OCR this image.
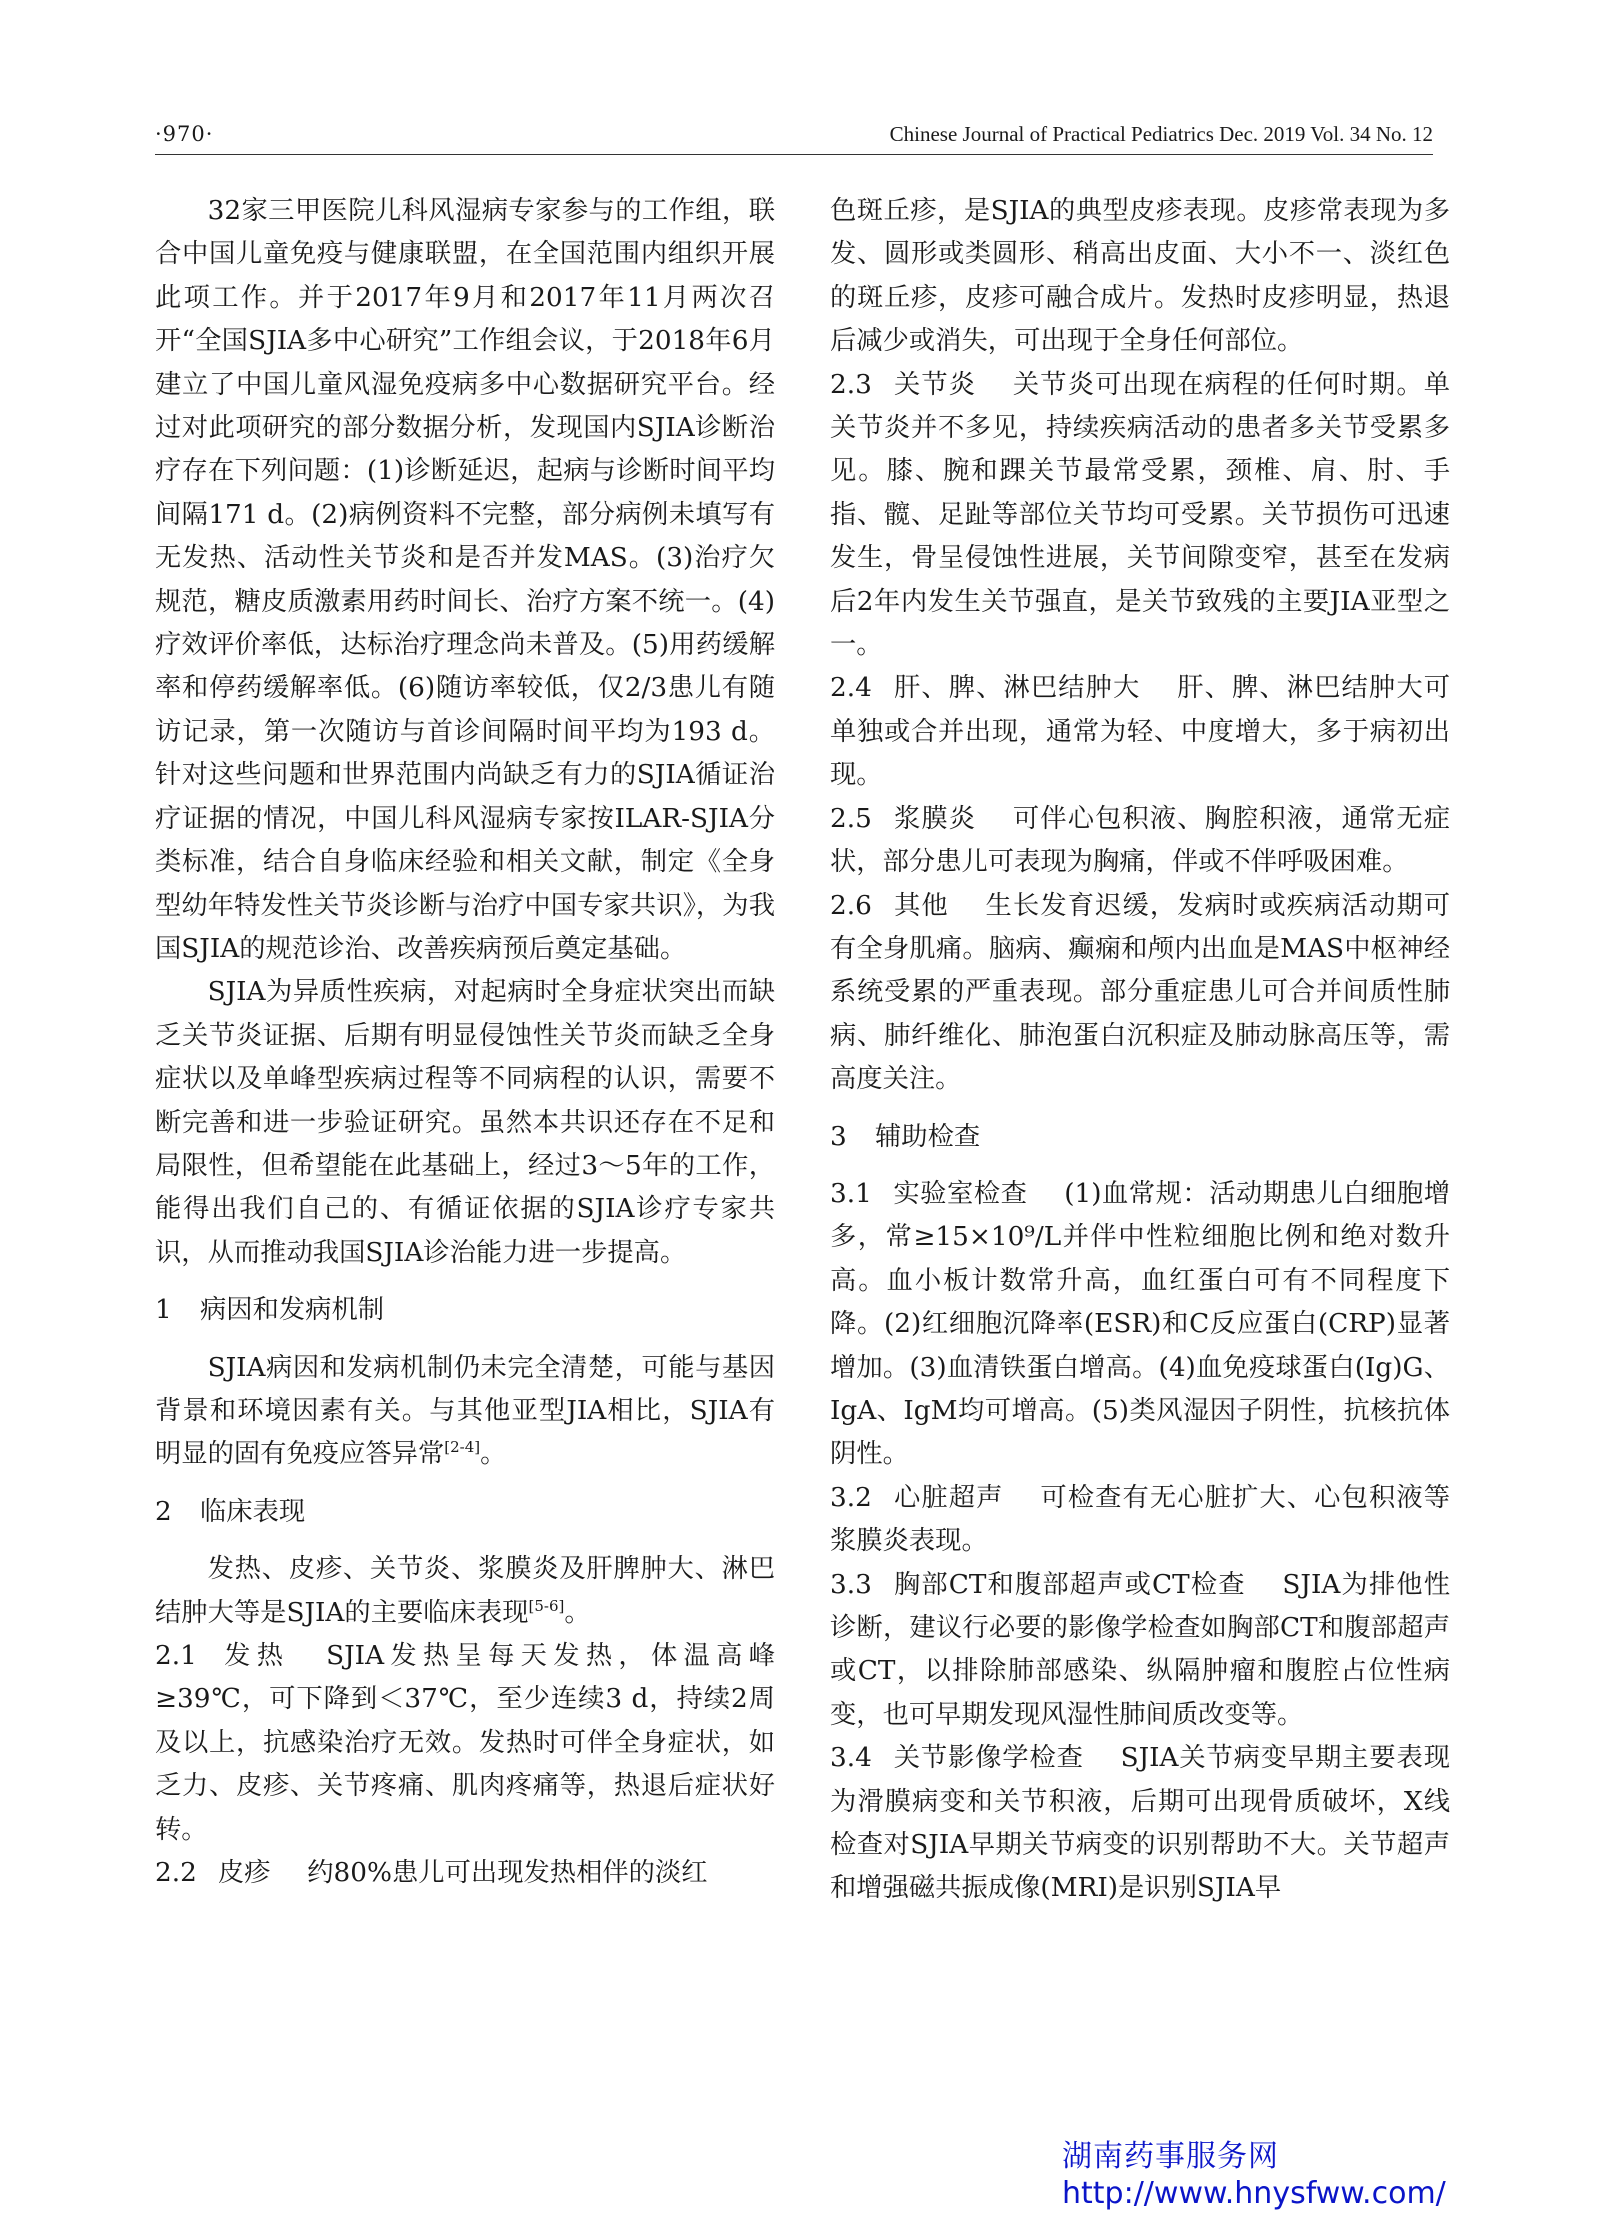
·970·	Chinese Journal of Practical Pediatrics Dec. 2019 Vol. 34 No. 12

32家三甲医院儿科风湿病专家参与的工作组，联合中国儿童免疫与健康联盟，在全国范围内组织开展此项工作。并于2017年9月和2017年11月两次召开“全国SJIA多中心研究”工作组会议，于2018年6月建立了中国儿童风湿免疫病多中心数据研究平台。经过对此项研究的部分数据分析，发现国内SJIA诊断治疗存在下列问题：(1)诊断延迟，起病与诊断时间平均间隔171 d。(2)病例资料不完整，部分病例未填写有无发热、活动性关节炎和是否并发MAS。(3)治疗欠规范，糖皮质激素用药时间长、治疗方案不统一。(4)疗效评价率低，达标治疗理念尚未普及。(5)用药缓解率和停药缓解率低。(6)随访率较低，仅2/3患儿有随访记录，第一次随访与首诊间隔时间平均为193 d。针对这些问题和世界范围内尚缺乏有力的SJIA循证治疗证据的情况，中国儿科风湿病专家按ILAR-SJIA分类标准，结合自身临床经验和相关文献，制定《全身型幼年特发性关节炎诊断与治疗中国专家共识》，为我国SJIA的规范诊治、改善疾病预后奠定基础。

SJIA为异质性疾病，对起病时全身症状突出而缺乏关节炎证据、后期有明显侵蚀性关节炎而缺乏全身症状以及单峰型疾病过程等不同病程的认识，需要不断完善和进一步验证研究。虽然本共识还存在不足和局限性，但希望能在此基础上，经过3～5年的工作，能得出我们自己的、有循证依据的SJIA诊疗专家共识，从而推动我国SJIA诊治能力进一步提高。

1 病因和发病机制

SJIA病因和发病机制仍未完全清楚，可能与基因背景和环境因素有关。与其他亚型JIA相比，SJIA有明显的固有免疫应答异常[2-4]。

2 临床表现

发热、皮疹、关节炎、浆膜炎及肝脾肿大、淋巴结肿大等是SJIA的主要临床表现[5-6]。

2.1 发热 SJIA发热呈每天发热，体温高峰≥39℃，可下降到＜37℃，至少连续3 d，持续2周及以上，抗感染治疗无效。发热时可伴全身症状，如乏力、皮疹、关节疼痛、肌肉疼痛等，热退后症状好转。

2.2 皮疹 约80%患儿可出现发热相伴的淡红

色斑丘疹，是SJIA的典型皮疹表现。皮疹常表现为多发、圆形或类圆形、稍高出皮面、大小不一、淡红色的斑丘疹，皮疹可融合成片。发热时皮疹明显，热退后减少或消失，可出现于全身任何部位。

2.3 关节炎 关节炎可出现在病程的任何时期。单关节炎并不多见，持续疾病活动的患者多关节受累多见。膝、腕和踝关节最常受累，颈椎、肩、肘、手指、髋、足趾等部位关节均可受累。关节损伤可迅速发生，骨呈侵蚀性进展，关节间隙变窄，甚至在发病后2年内发生关节强直，是关节致残的主要JIA亚型之一。

2.4 肝、脾、淋巴结肿大 肝、脾、淋巴结肿大可单独或合并出现，通常为轻、中度增大，多于病初出现。

2.5 浆膜炎 可伴心包积液、胸腔积液，通常无症状，部分患儿可表现为胸痛，伴或不伴呼吸困难。

2.6 其他 生长发育迟缓，发病时或疾病活动期可有全身肌痛。脑病、癫痫和颅内出血是MAS中枢神经系统受累的严重表现。部分重症患儿可合并间质性肺病、肺纤维化、肺泡蛋白沉积症及肺动脉高压等，需高度关注。

3 辅助检查

3.1 实验室检查 (1)血常规：活动期患儿白细胞增多，常≥15×10⁹/L并伴中性粒细胞比例和绝对数升高。血小板计数常升高，血红蛋白可有不同程度下降。(2)红细胞沉降率(ESR)和C反应蛋白(CRP)显著增加。(3)血清铁蛋白增高。(4)血免疫球蛋白(Ig)G、IgA、IgM均可增高。(5)类风湿因子阴性，抗核抗体阴性。

3.2 心脏超声 可检查有无心脏扩大、心包积液等浆膜炎表现。

3.3 胸部CT和腹部超声或CT检查 SJIA为排他性诊断，建议行必要的影像学检查如胸部CT和腹部超声或CT，以排除肺部感染、纵隔肿瘤和腹腔占位性病变，也可早期发现风湿性肺间质改变等。

3.4 关节影像学检查 SJIA关节病变早期主要表现为滑膜病变和关节积液，后期可出现骨质破坏，X线检查对SJIA早期关节病变的识别帮助不大。关节超声和增强磁共振成像(MRI)是识别SJIA早

湖南药事服务网
http://www.hnysfww.com/
